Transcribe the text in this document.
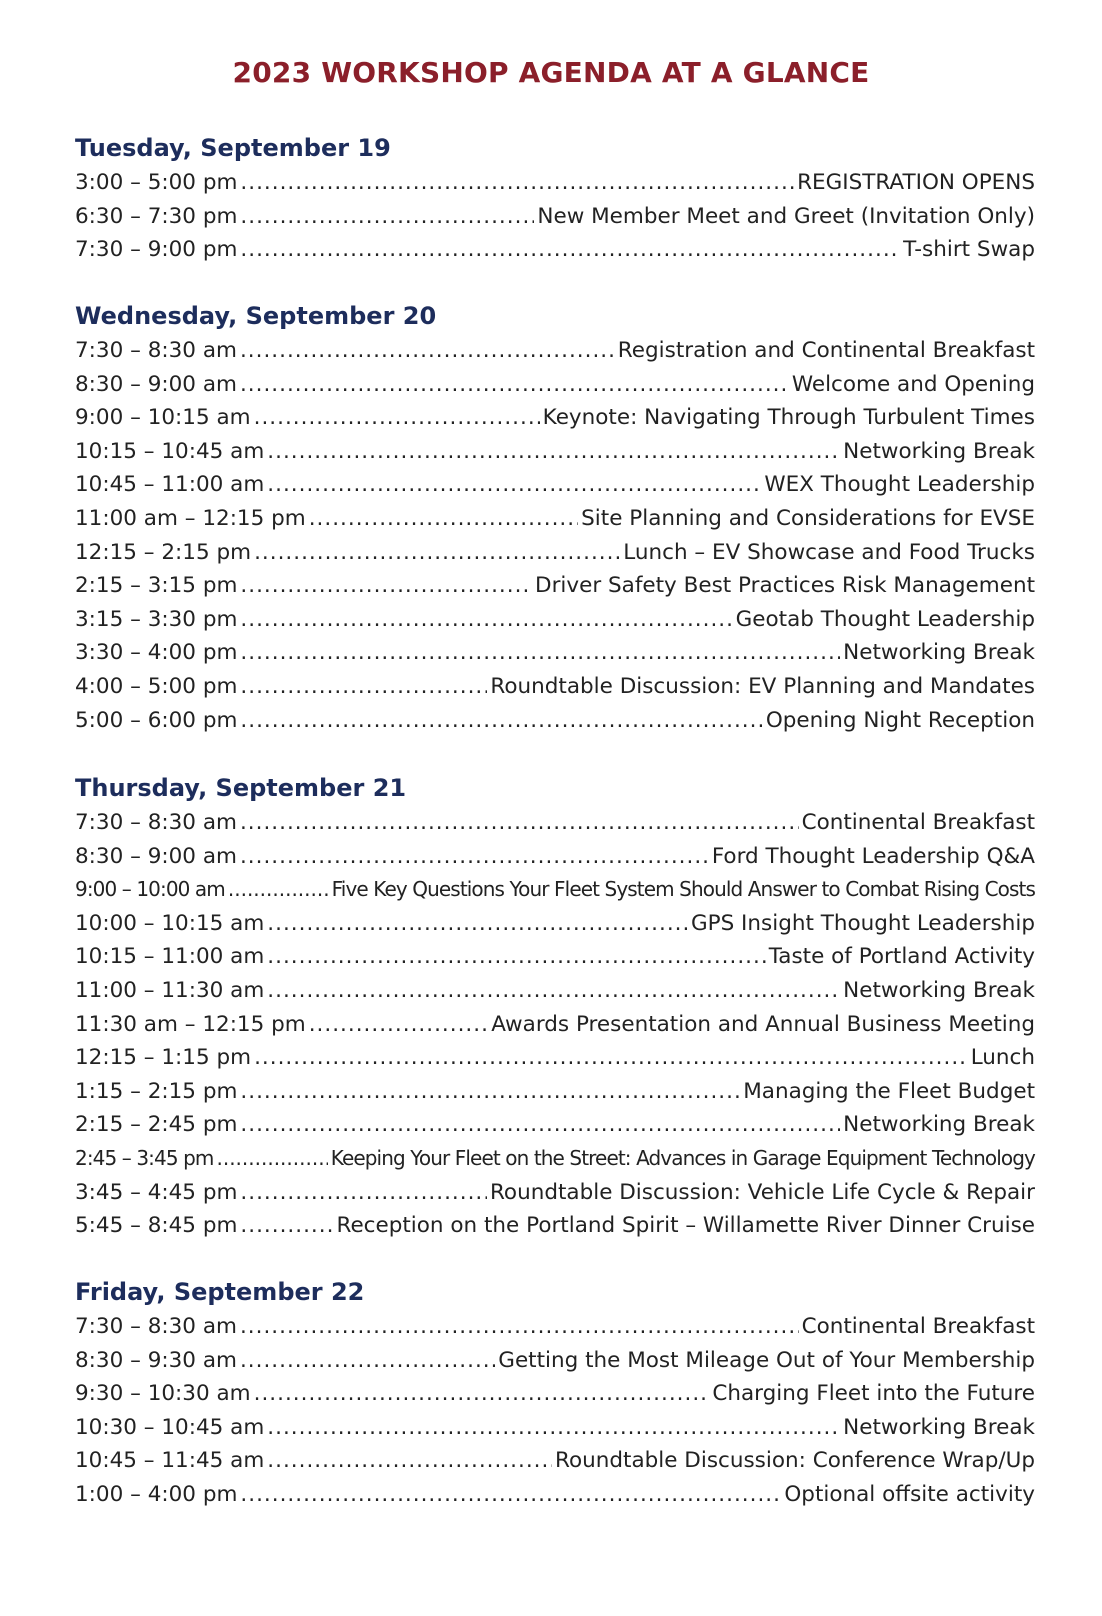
2023 WORKSHOP AGENDA AT A GLANCE
Tuesday, September 19
3:00 – 5:00 pm .....	REGISTRATION OPENS
6:30 – 7:30 pm .....	New Member Meet and Greet (Invitation Only)
7:30 – 9:00 pm .....	T-shirt Swap
Wednesday, September 20
7:30 – 8:30 am .....	Registration and Continental Breakfast
8:30 – 9:00 am .....	Welcome and Opening
9:00 – 10:15 am .....	Keynote: Navigating Through Turbulent Times
10:15 – 10:45 am .....	Networking Break
10:45 – 11:00 am .....	WEX Thought Leadership
11:00 am – 12:15 pm .....	Site Planning and Considerations for EVSE
12:15 – 2:15 pm .....	Lunch – EV Showcase and Food Trucks
2:15 – 3:15 pm .....	Driver Safety Best Practices Risk Management
3:15 – 3:30 pm .....	Geotab Thought Leadership
3:30 – 4:00 pm .....	Networking Break
4:00 – 5:00 pm .....	Roundtable Discussion: EV Planning and Mandates
5:00 – 6:00 pm .....	Opening Night Reception
Thursday, September 21
7:30 – 8:30 am .....	Continental Breakfast
8:30 – 9:00 am .....	Ford Thought Leadership Q&A
9:00 – 10:00 am .....	Five Key Questions Your Fleet System Should Answer to Combat Rising Costs
10:00 – 10:15 am .....	GPS Insight Thought Leadership
10:15 – 11:00 am .....	Taste of Portland Activity
11:00 – 11:30 am .....	Networking Break
11:30 am – 12:15 pm .....	Awards Presentation and Annual Business Meeting
12:15 – 1:15 pm .....	Lunch
1:15 – 2:15 pm .....	Managing the Fleet Budget
2:15 – 2:45 pm .....	Networking Break
2:45 – 3:45 pm .....	Keeping Your Fleet on the Street: Advances in Garage Equipment Technology
3:45 – 4:45 pm .....	Roundtable Discussion: Vehicle Life Cycle & Repair
5:45 – 8:45 pm .....	Reception on the Portland Spirit – Willamette River Dinner Cruise
Friday, September 22
7:30 – 8:30 am .....	Continental Breakfast
8:30 – 9:30 am .....	Getting the Most Mileage Out of Your Membership
9:30 – 10:30 am .....	Charging Fleet into the Future
10:30 – 10:45 am .....	Networking Break
10:45 – 11:45 am .....	Roundtable Discussion: Conference Wrap/Up
1:00 – 4:00 pm .....	Optional offsite activity
